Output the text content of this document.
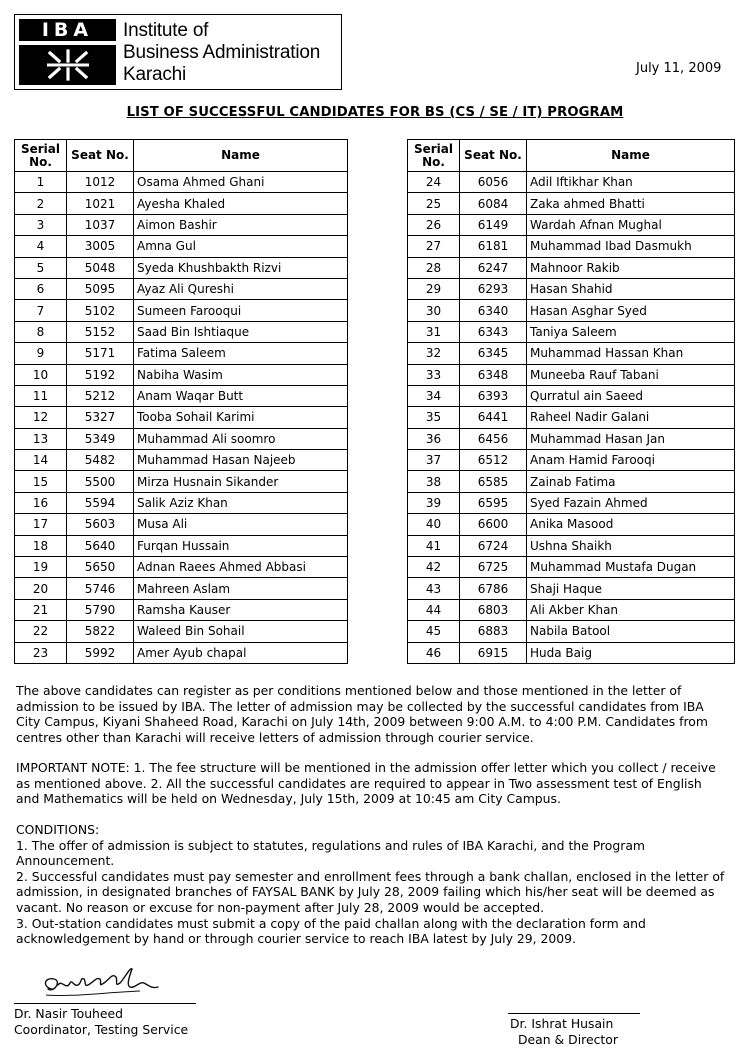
IBA	Institute of
Business Administration
Karachi	July 11, 2009
LIST OF SUCCESSFUL CANDIDATES FOR BS (CS / SE / IT) PROGRAM
Serial No.	Seat No.	Name
1	1012	Osama Ahmed Ghani
2	1021	Ayesha Khaled
3	1037	Aimon Bashir
4	3005	Amna Gul
5	5048	Syeda Khushbakth Rizvi
6	5095	Ayaz Ali Qureshi
7	5102	Sumeen Farooqui
8	5152	Saad Bin Ishtiaque
9	5171	Fatima Saleem
10	5192	Nabiha Wasim
11	5212	Anam Waqar Butt
12	5327	Tooba Sohail Karimi
13	5349	Muhammad Ali soomro
14	5482	Muhammad Hasan Najeeb
15	5500	Mirza Husnain Sikander
16	5594	Salik Aziz Khan
17	5603	Musa Ali
18	5640	Furqan Hussain
19	5650	Adnan Raees Ahmed Abbasi
20	5746	Mahreen Aslam
21	5790	Ramsha Kauser
22	5822	Waleed Bin Sohail
23	5992	Amer Ayub chapal
Serial No.	Seat No.	Name
24	6056	Adil Iftikhar Khan
25	6084	Zaka ahmed Bhatti
26	6149	Wardah Afnan Mughal
27	6181	Muhammad Ibad Dasmukh
28	6247	Mahnoor Rakib
29	6293	Hasan Shahid
30	6340	Hasan Asghar Syed
31	6343	Taniya Saleem
32	6345	Muhammad Hassan Khan
33	6348	Muneeba Rauf Tabani
34	6393	Qurratul ain Saeed
35	6441	Raheel Nadir Galani
36	6456	Muhammad Hasan Jan
37	6512	Anam Hamid Farooqi
38	6585	Zainab Fatima
39	6595	Syed Fazain Ahmed
40	6600	Anika Masood
41	6724	Ushna Shaikh
42	6725	Muhammad Mustafa Dugan
43	6786	Shaji Haque
44	6803	Ali Akber Khan
45	6883	Nabila Batool
46	6915	Huda Baig

The above candidates can register as per conditions mentioned below and those mentioned in the letter of

admission to be issued by IBA. The letter of admission may be collected by the successful candidates from IBA

City Campus, Kiyani Shaheed Road, Karachi on July 14th, 2009 between 9:00 A.M. to 4:00 P.M. Candidates from

centres other than Karachi will receive letters of admission through courier service.

IMPORTANT NOTE: 1. The fee structure will be mentioned in the admission offer letter which you collect / receive

as mentioned above. 2. All the successful candidates are required to appear in Two assessment test of English

and Mathematics will be held on Wednesday, July 15th, 2009 at 10:45 am City Campus.

CONDITIONS:

1. The offer of admission is subject to statutes, regulations and rules of IBA Karachi, and the Program

Announcement.

2. Successful candidates must pay semester and enrollment fees through a bank challan, enclosed in the letter of

admission, in designated branches of FAYSAL BANK by July 28, 2009 failing which his/her seat will be deemed as

vacant. No reason or excuse for non-payment after July 28, 2009 would be accepted.

3. Out-station candidates must submit a copy of the paid challan along with the declaration form and

acknowledgement by hand or through courier service to reach IBA latest by July 29, 2009.

Dr. Nasir Touheed
Coordinator, Testing Service	Dr. Ishrat Husain
Dean & Director
